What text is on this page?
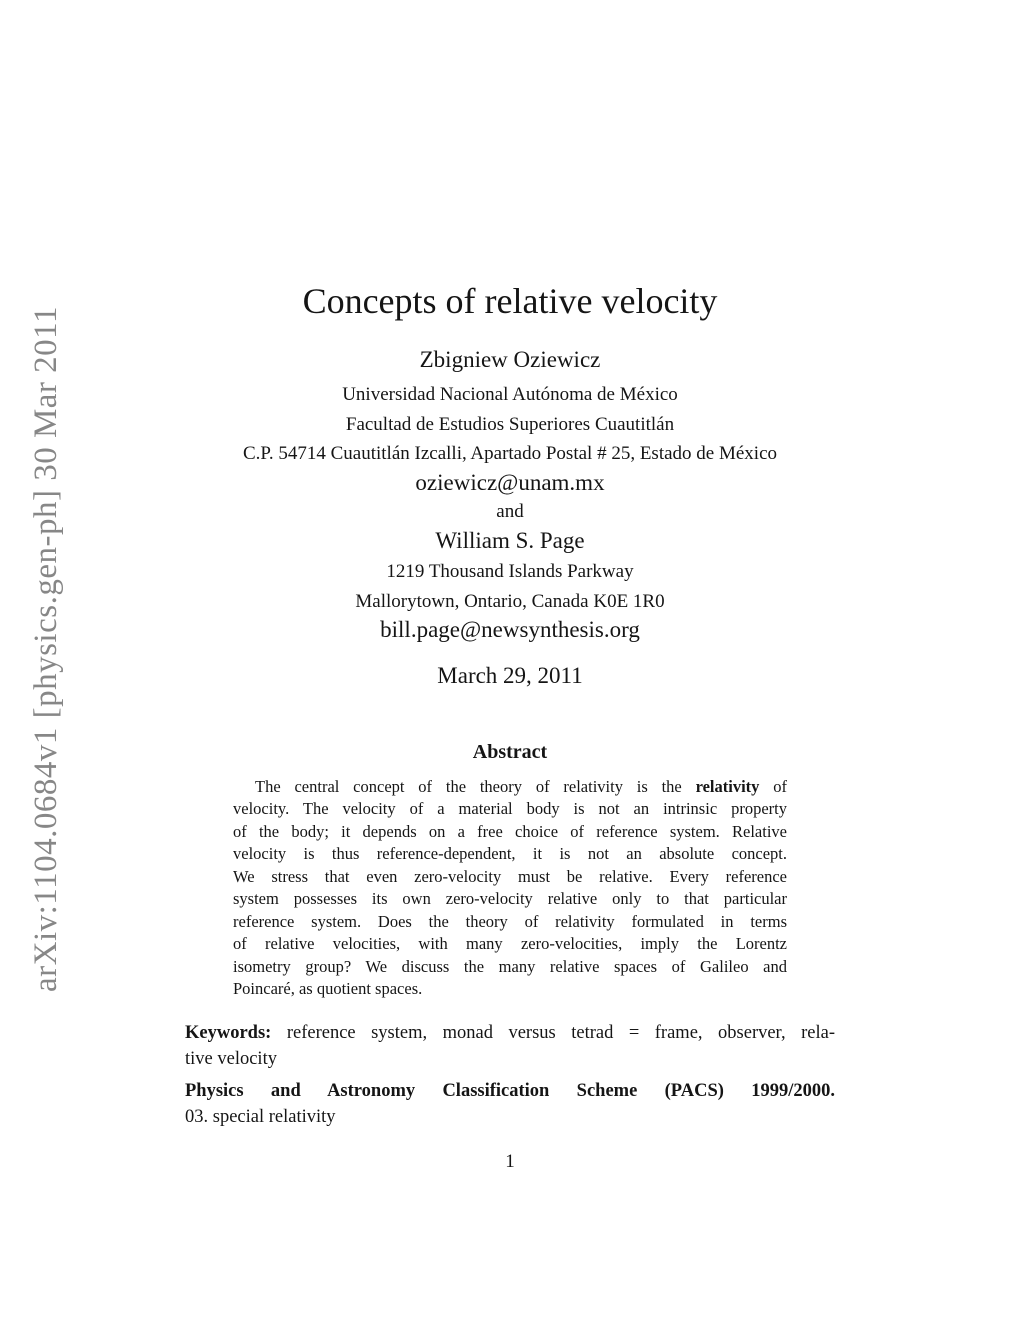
arXiv:1104.0684v1 [physics.gen-ph] 30 Mar 2011
Concepts of relative velocity
Zbigniew Oziewicz
Universidad Nacional Autónoma de México
Facultad de Estudios Superiores Cuautitlán
C.P. 54714 Cuautitlán Izcalli, Apartado Postal # 25, Estado de México
oziewicz@unam.mx
and
William S. Page
1219 Thousand Islands Parkway
Mallorytown, Ontario, Canada K0E 1R0
bill.page@newsynthesis.org
March 29, 2011
Abstract
The central concept of the theory of relativity is the relativity of
velocity. The velocity of a material body is not an intrinsic property
of the body; it depends on a free choice of reference system. Relative
velocity is thus reference-dependent, it is not an absolute concept.
We stress that even zero-velocity must be relative. Every reference
system possesses its own zero-velocity relative only to that particular
reference system. Does the theory of relativity formulated in terms
of relative velocities, with many zero-velocities, imply the Lorentz
isometry group? We discuss the many relative spaces of Galileo and
Poincaré, as quotient spaces.
Keywords: reference system, monad versus tetrad = frame, observer, rela-
tive velocity
Physics and Astronomy Classification Scheme (PACS) 1999/2000.
03. special relativity
1
